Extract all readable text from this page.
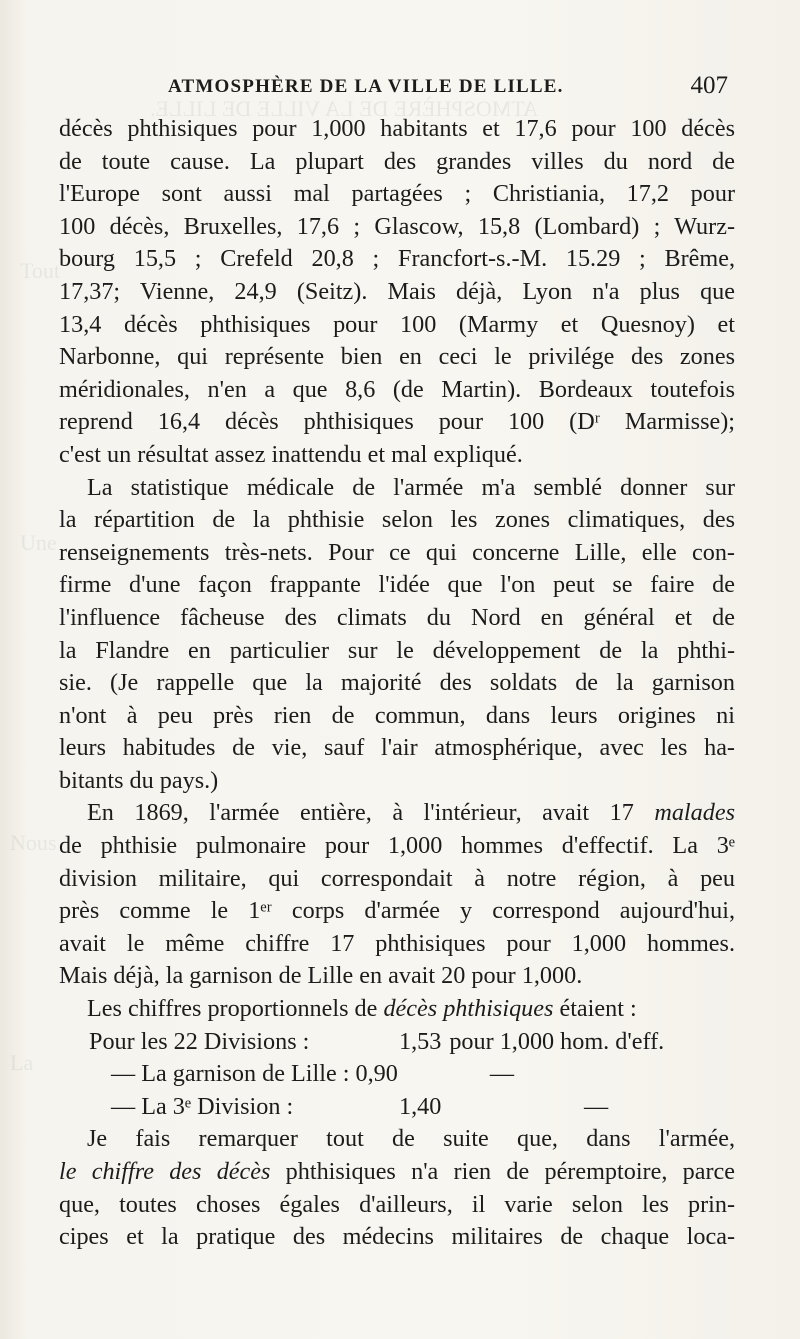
ATMOSPHÈRE DE LA VILLE DE LILLE.
Tout
Une
Nous
La
ATMOSPHÈRE DE LA VILLE DE LILLE.	407
décès phthisiques pour 1,000 habitants et 17,6 pour 100 décès
de toute cause. La plupart des grandes villes du nord de
l'Europe sont aussi mal partagées ; Christiania, 17,2 pour
100 décès, Bruxelles, 17,6 ; Glascow, 15,8 (Lombard) ; Wurz-
bourg 15,5 ; Crefeld 20,8 ; Francfort-s.-M. 15.29 ; Brême,
17,37; Vienne, 24,9 (Seitz). Mais déjà, Lyon n'a plus que
13,4 décès phthisiques pour 100 (Marmy et Quesnoy) et
Narbonne, qui représente bien en ceci le privilége des zones
méridionales, n'en a que 8,6 (de Martin). Bordeaux toutefois
reprend 16,4 décès phthisiques pour 100 (Dʳ Marmisse);
c'est un résultat assez inattendu et mal expliqué.
La statistique médicale de l'armée m'a semblé donner sur
la répartition de la phthisie selon les zones climatiques, des
renseignements très-nets. Pour ce qui concerne Lille, elle con-
firme d'une façon frappante l'idée que l'on peut se faire de
l'influence fâcheuse des climats du Nord en général et de
la Flandre en particulier sur le développement de la phthi-
sie. (Je rappelle que la majorité des soldats de la garnison
n'ont à peu près rien de commun, dans leurs origines ni
leurs habitudes de vie, sauf l'air atmosphérique, avec les ha-
bitants du pays.)
En 1869, l'armée entière, à l'intérieur, avait 17 malades
de phthisie pulmonaire pour 1,000 hommes d'effectif. La 3ᵉ
division militaire, qui correspondait à notre région, à peu
près comme le 1ᵉʳ corps d'armée y correspond aujourd'hui,
avait le même chiffre 17 phthisiques pour 1,000 hommes.
Mais déjà, la garnison de Lille en avait 20 pour 1,000.
Les chiffres proportionnels de décès phthisiques étaient :
Pour les 22 Divisions :	1,53 pour 1,000 hom. d'eff.
— La garnison de Lille : 0,90	—
— La 3ᵉ Division :	1,40	—
Je fais remarquer tout de suite que, dans l'armée,
le chiffre des décès phthisiques n'a rien de péremptoire, parce
que, toutes choses égales d'ailleurs, il varie selon les prin-
cipes et la pratique des médecins militaires de chaque loca-
